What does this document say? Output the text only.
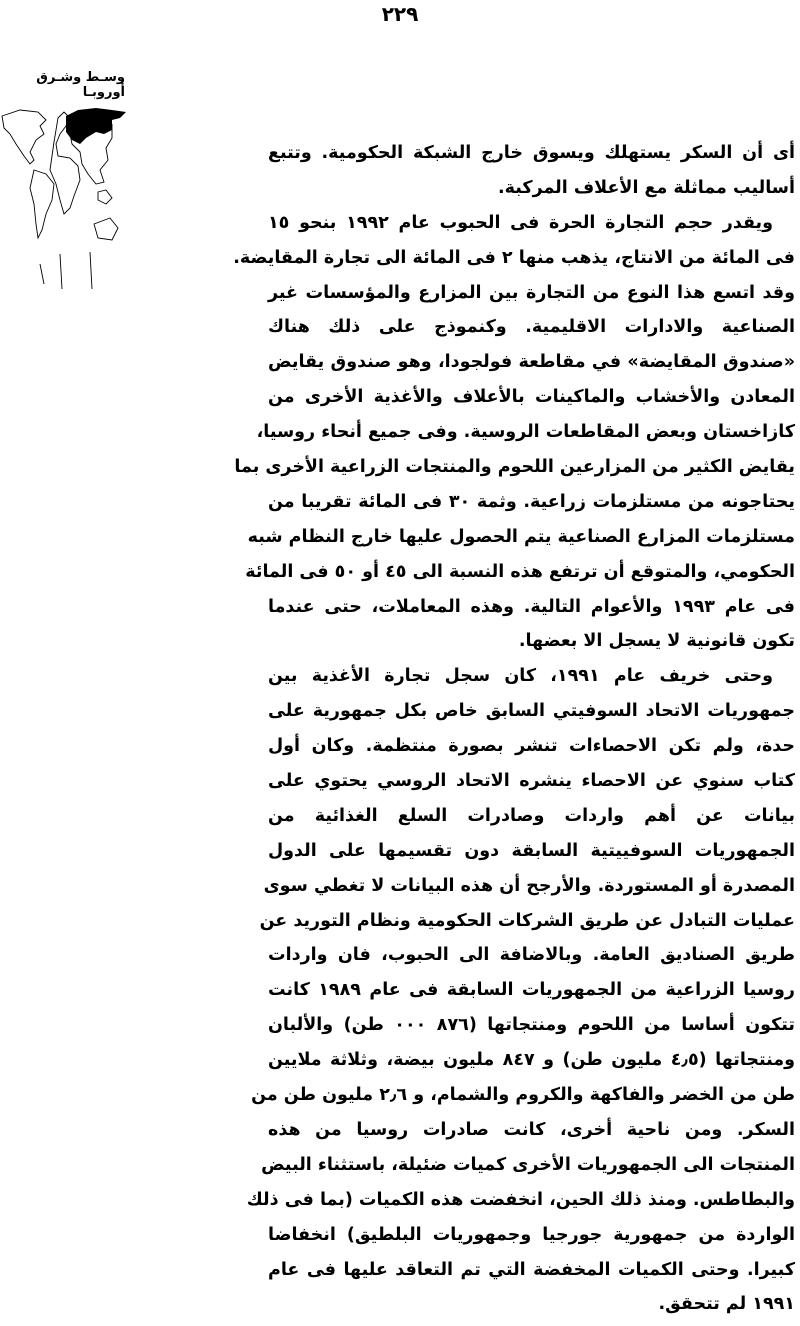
٢٢٩
وسـط وشـرق أوروبـا
أى أن السكر يستهلك ويسوق خارج الشبكة الحكومية. وتتبع
أساليب مماثلة مع الأعلاف المركبة.
ويقدر حجم التجارة الحرة فى الحبوب عام ١٩٩٢ بنحو ١٥
فى المائة من الانتاج، يذهب منها ٢ فى المائة الى تجارة المقايضة.
وقد اتسع هذا النوع من التجارة بين المزارع والمؤسسات غير
الصناعية والادارات الاقليمية. وكنموذج على ذلك هناك
«صندوق المقايضة» في مقاطعة فولجودا، وهو صندوق يقايض
المعادن والأخشاب والماكينات بالأعلاف والأغذية الأخرى من
كازاخستان وبعض المقاطعات الروسية. وفى جميع أنحاء روسيا،
يقايض الكثير من المزارعين اللحوم والمنتجات الزراعية الأخرى بما
يحتاجونه من مستلزمات زراعية. وثمة ٣٠ فى المائة تقريبا من
مستلزمات المزارع الصناعية يتم الحصول عليها خارج النظام شبه
الحكومي، والمتوقع أن ترتفع هذه النسبة الى ٤٥ أو ٥٠ فى المائة
فى عام ١٩٩٣ والأعوام التالية. وهذه المعاملات، حتى عندما
تكون قانونية لا يسجل الا بعضها.
وحتى خريف عام ١٩٩١، كان سجل تجارة الأغذية بين
جمهوريات الاتحاد السوفيتي السابق خاص بكل جمهورية على
حدة، ولم تكن الاحصاءات تنشر بصورة منتظمة. وكان أول
كتاب سنوي عن الاحصاء ينشره الاتحاد الروسي يحتوي على
بيانات عن أهم واردات وصادرات السلع الغذائية من
الجمهوريات السوفييتية السابقة دون تقسيمها على الدول
المصدرة أو المستوردة. والأرجح أن هذه البيانات لا تغطي سوى
عمليات التبادل عن طريق الشركات الحكومية ونظام التوريد عن
طريق الصناديق العامة. وبالاضافة الى الحبوب، فان واردات
روسيا الزراعية من الجمهوريات السابقة فى عام ١٩٨٩ كانت
تتكون أساسا من اللحوم ومنتجاتها (٨٧٦ ٠٠٠ طن) والألبان
ومنتجاتها (٤٫٥ مليون طن) و ٨٤٧ مليون بيضة، وثلاثة ملايين
طن من الخضر والفاكهة والكروم والشمام، و ٢٫٦ مليون طن من
السكر. ومن ناحية أخرى، كانت صادرات روسيا من هذه
المنتجات الى الجمهوريات الأخرى كميات ضئيلة، باستثناء البيض
والبطاطس. ومنذ ذلك الحين، انخفضت هذه الكميات (بما فى ذلك
الواردة من جمهورية جورجيا وجمهوريات البلطيق) انخفاضا
كبيرا. وحتى الكميات المخفضة التي تم التعاقد عليها فى عام
١٩٩١ لم تتحقق.
